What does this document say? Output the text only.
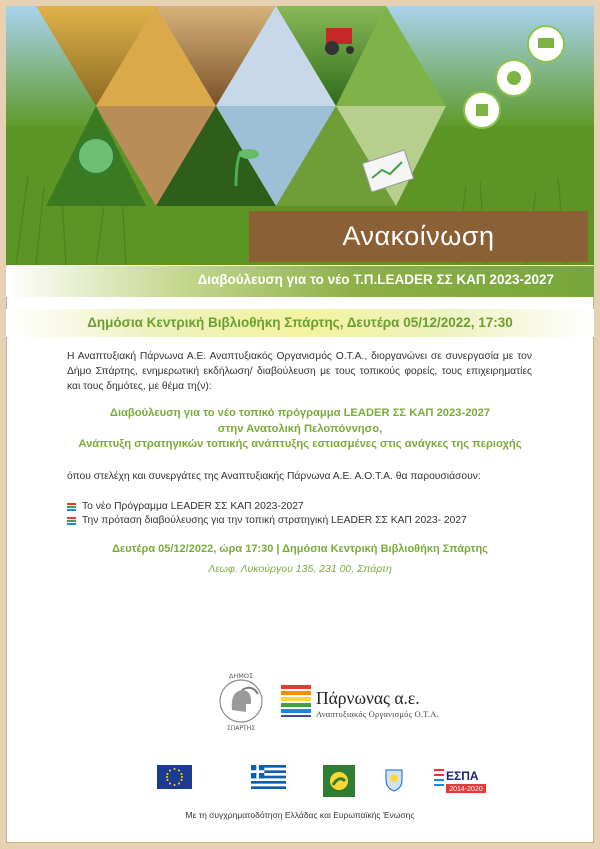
Ανακοίνωση
Διαβούλευση για το νέο Τ.Π.LEADER ΣΣ ΚΑΠ 2023-2027
Δημόσια Κεντρική Βιβλιοθήκη Σπάρτης, Δευτέρα 05/12/2022, 17:30
Η Αναπτυξιακή Πάρνωνα Α.Ε. Αναπτυξιακός Οργανισμός Ο.Τ.Α., διοργανώνει σε συνεργασία με τον Δήμο Σπάρτης, ενημερωτική εκδήλωση/ διαβούλευση με τους τοπικούς φορείς, τους επιχειρηματίες και τους δημότες, με θέμα τη(ν):
Διαβούλευση για το νέο τοπικό πρόγραμμα LEADER ΣΣ ΚΑΠ 2023-2027
στην Ανατολική Πελοπόννησο,
Ανάπτυξη στρατηγικών τοπικής ανάπτυξης εστιασμένες στις ανάγκες της περιοχής
όπου στελέχη και συνεργάτες της Αναπτυξιακής Πάρνωνα Α.Ε. Α.Ο.Τ.Α. θα παρουσιάσουν:
Το νέο Πρόγραμμα LEADER ΣΣ ΚΑΠ 2023-2027
Την πρόταση διαβούλευσης για την τοπική στρατηγική LEADER ΣΣ ΚΑΠ 2023- 2027
Δευτέρα 05/12/2022, ώρα 17:30 | Δημόσια Κεντρική Βιβλιοθήκη Σπάρτης
Λεωφ. Λυκούργου 135, 231 00, Σπάρτη
ΔΗΜΟΣ
ΣΠΑΡΤΗΣ
Πάρνωνας α.ε.
Αναπτυξιακός Οργανισμός Ο.Τ.Α.
ΕΣΠΑ
2014-2020
Με τη συγχρηματοδότηση Ελλάδας και Ευρωπαϊκής Ένωσης
